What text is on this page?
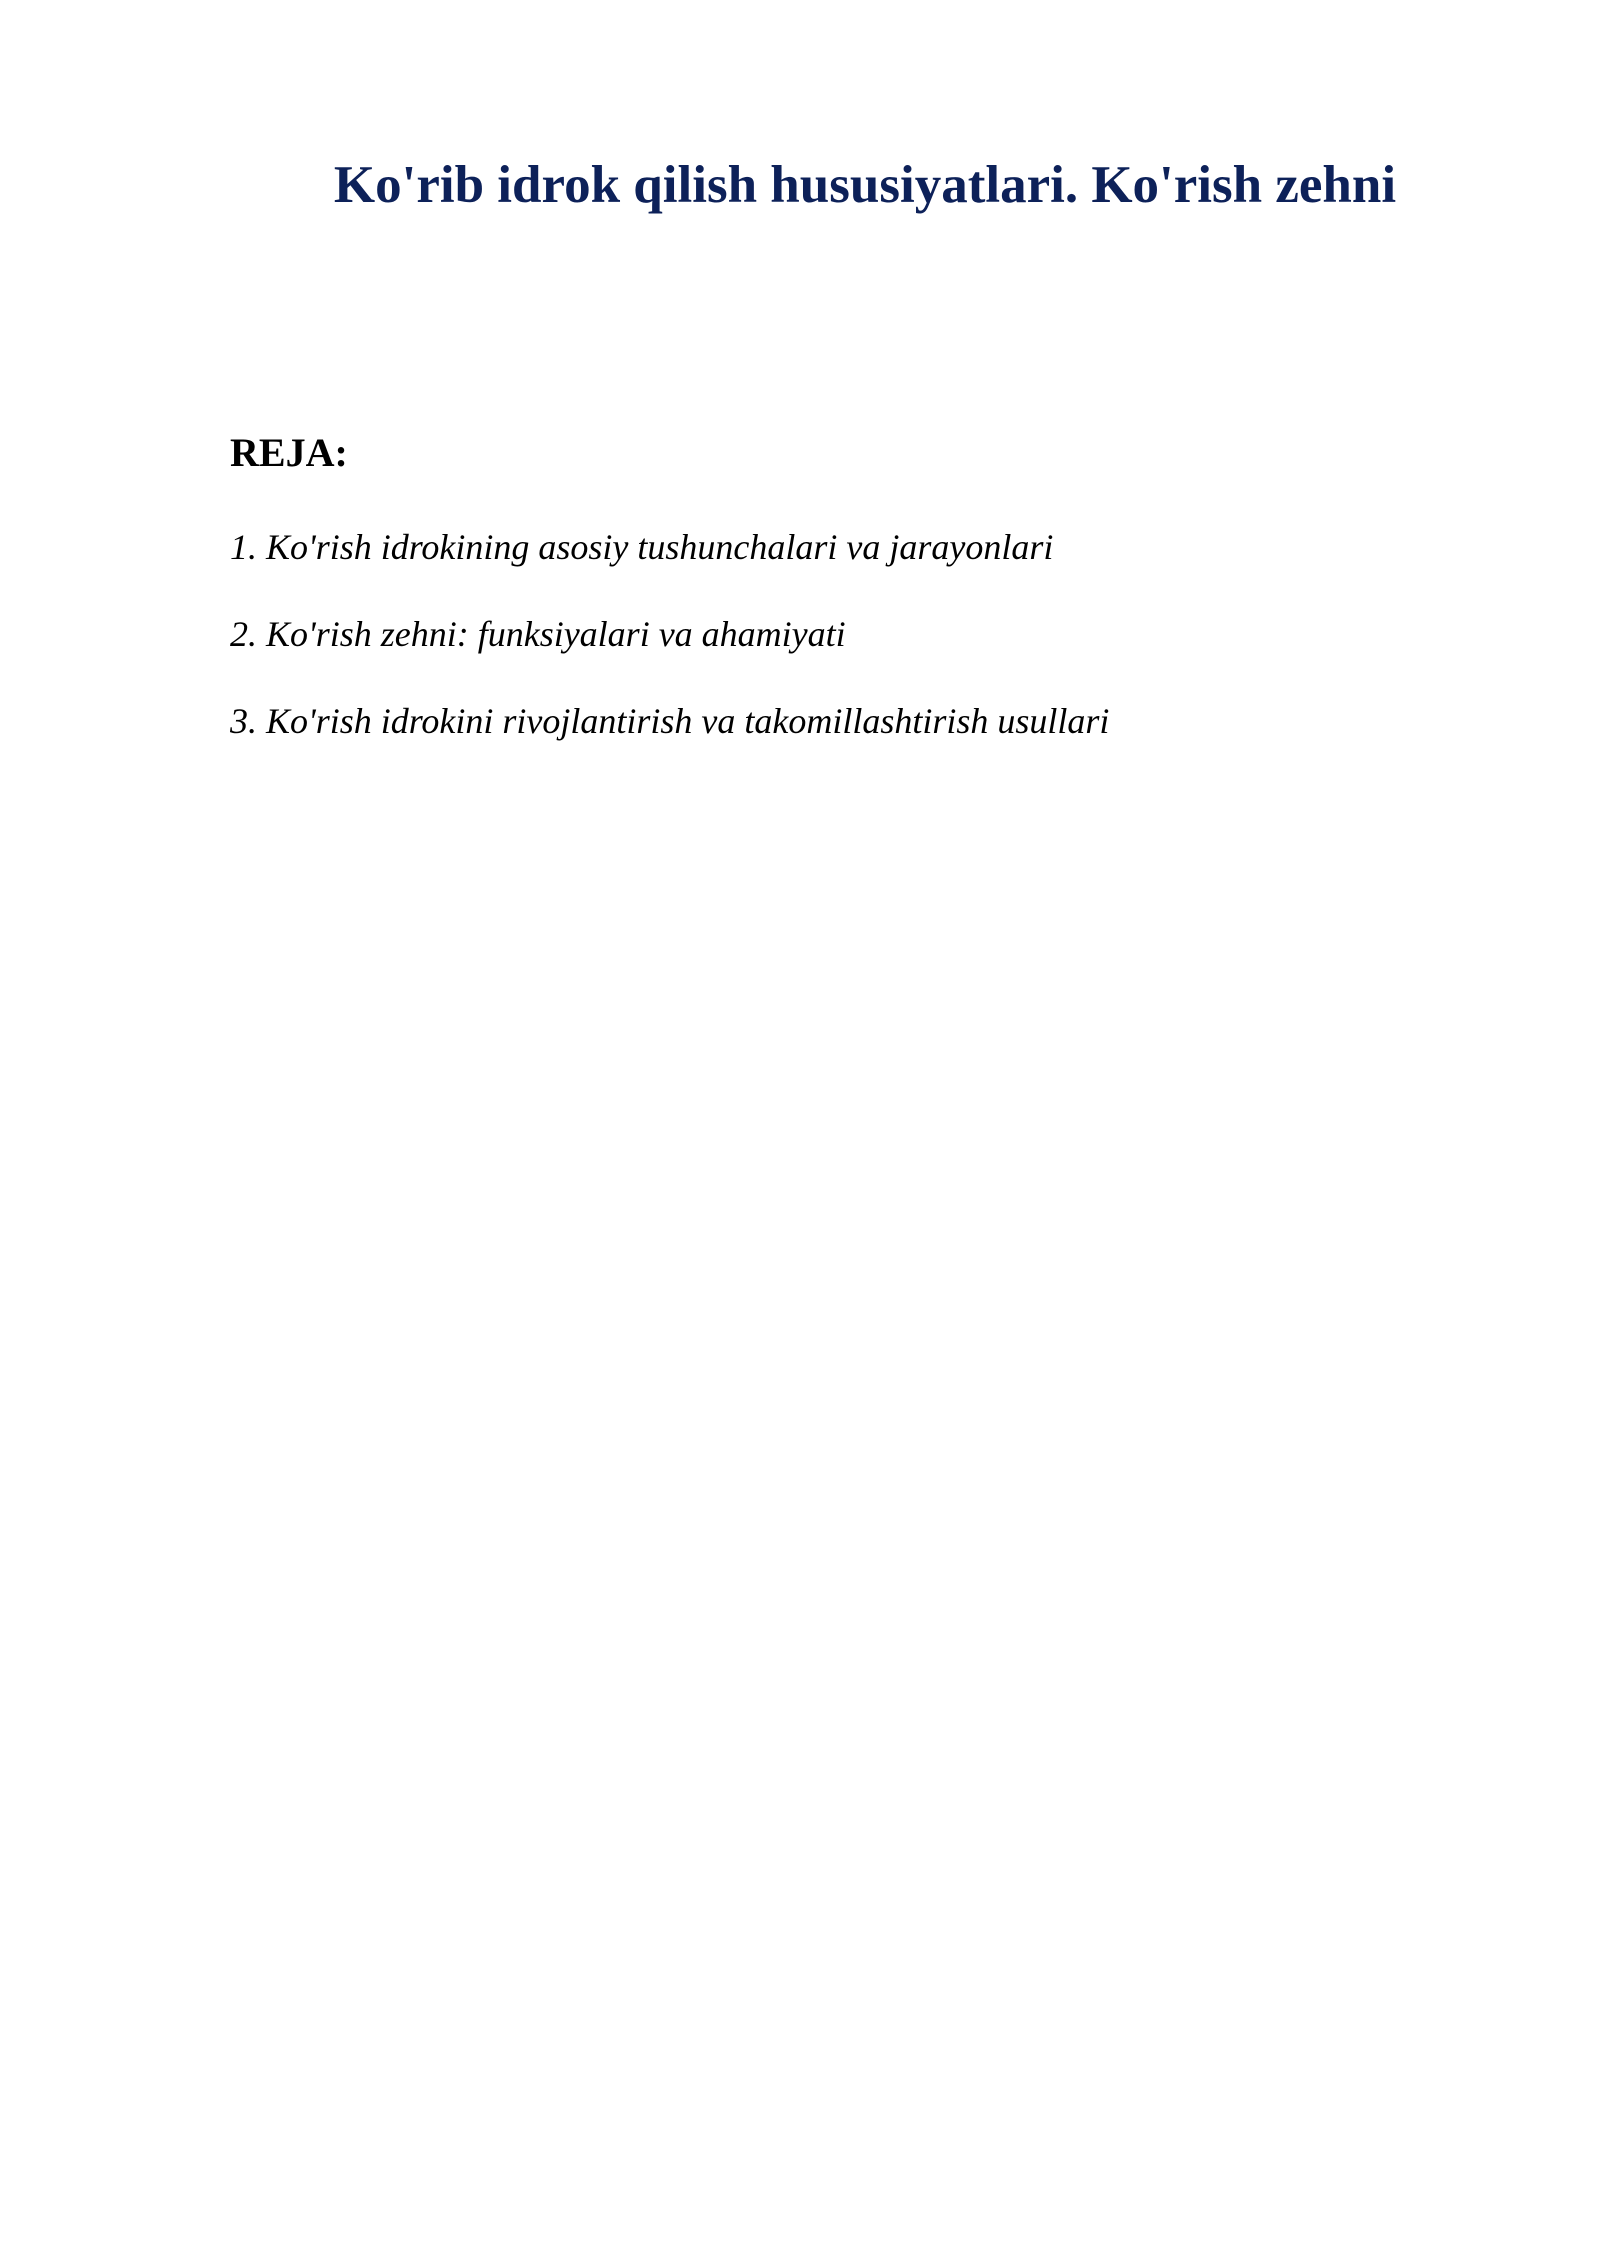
Ko'rib idrok qilish hususiyatlari. Ko'rish zehni
REJA:
1. Ko'rish idrokining asosiy tushunchalari va jarayonlari
2. Ko'rish zehni: funksiyalari va ahamiyati
3. Ko'rish idrokini rivojlantirish va takomillashtirish usullari
